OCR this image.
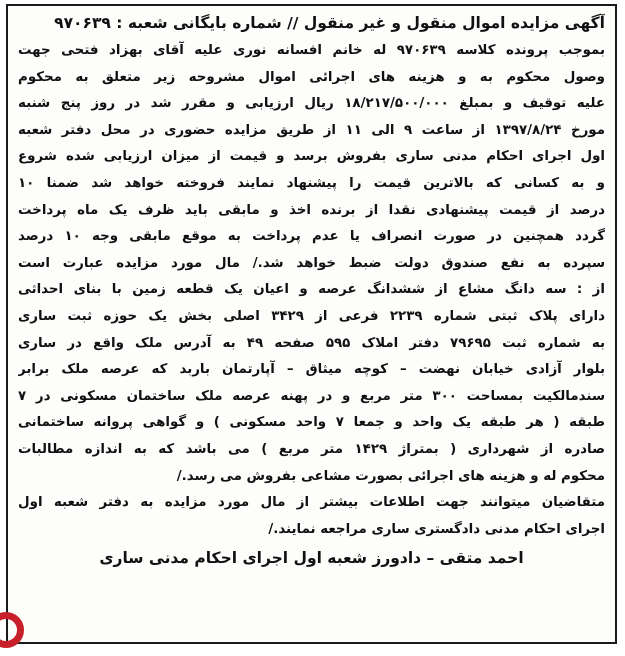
آگهی مزایده اموال منقول و غیر منقول // شماره بایگانی شعبه : ۹۷۰۶۳۹
بموجب پرونده کلاسه ۹۷۰۶۳۹ له خانم افسانه نوری علیه آقای بهزاد فتحی جهت
وصول محکوم به و هزینه های اجرائی اموال مشروحه زیر متعلق به محکوم
علیه توقیف و بمبلغ ۱۸/۲۱۷/۵۰۰/۰۰۰ ریال ارزیابی و مقرر شد در روز پنج شنبه
مورخ ۱۳۹۷/۸/۲۴ از ساعت ۹ الی ۱۱ از طریق مزایده حضوری در محل دفتر شعبه
اول اجرای احکام مدنی ساری بفروش برسد و قیمت از میزان ارزیابی شده شروع
و به کسانی که بالاترین قیمت را پیشنهاد نمایند فروخته خواهد شد ضمنا ۱۰
درصد از قیمت پیشنهادی نقدا از برنده اخذ و مابقی باید ظرف یک ماه پرداخت
گردد همچنین در صورت انصراف یا عدم پرداخت به موقع مابقی وجه ۱۰ درصد
سپرده به نفع صندوق دولت ضبط خواهد شد./ مال مورد مزایده عبارت است
از : سه دانگ مشاع از ششدانگ عرصه و اعیان یک قطعه زمین با بنای احداثی
دارای پلاک ثبتی شماره ۲۲۳۹ فرعی از ۳۴۲۹ اصلی بخش یک حوزه ثبت ساری
به شماره ثبت ۷۹۶۹۵ دفتر املاک ۵۹۵ صفحه ۴۹ به آدرس ملک واقع در ساری
بلوار آزادی خیابان نهضت – کوچه میثاق – آپارتمان باربد که عرصه ملک برابر
سندمالکیت بمساحت ۳۰۰ متر مربع و در پهنه عرصه ملک ساختمان مسکونی در ۷
طبقه ( هر طبقه یک واحد و جمعا ۷ واحد مسکونی ) و گواهی پروانه ساختمانی
صادره از شهرداری ( بمتراژ ۱۴۲۹ متر مربع ) می باشد که به اندازه مطالبات
محکوم له و هزینه های اجرائی بصورت مشاعی بفروش می رسد./
متقاضیان میتوانند جهت اطلاعات بیشتر از مال مورد مزایده به دفتر شعبه اول
اجرای احکام مدنی دادگستری ساری مراجعه نمایند./
احمد متقی – دادورز شعبه اول اجرای احکام مدنی ساری
